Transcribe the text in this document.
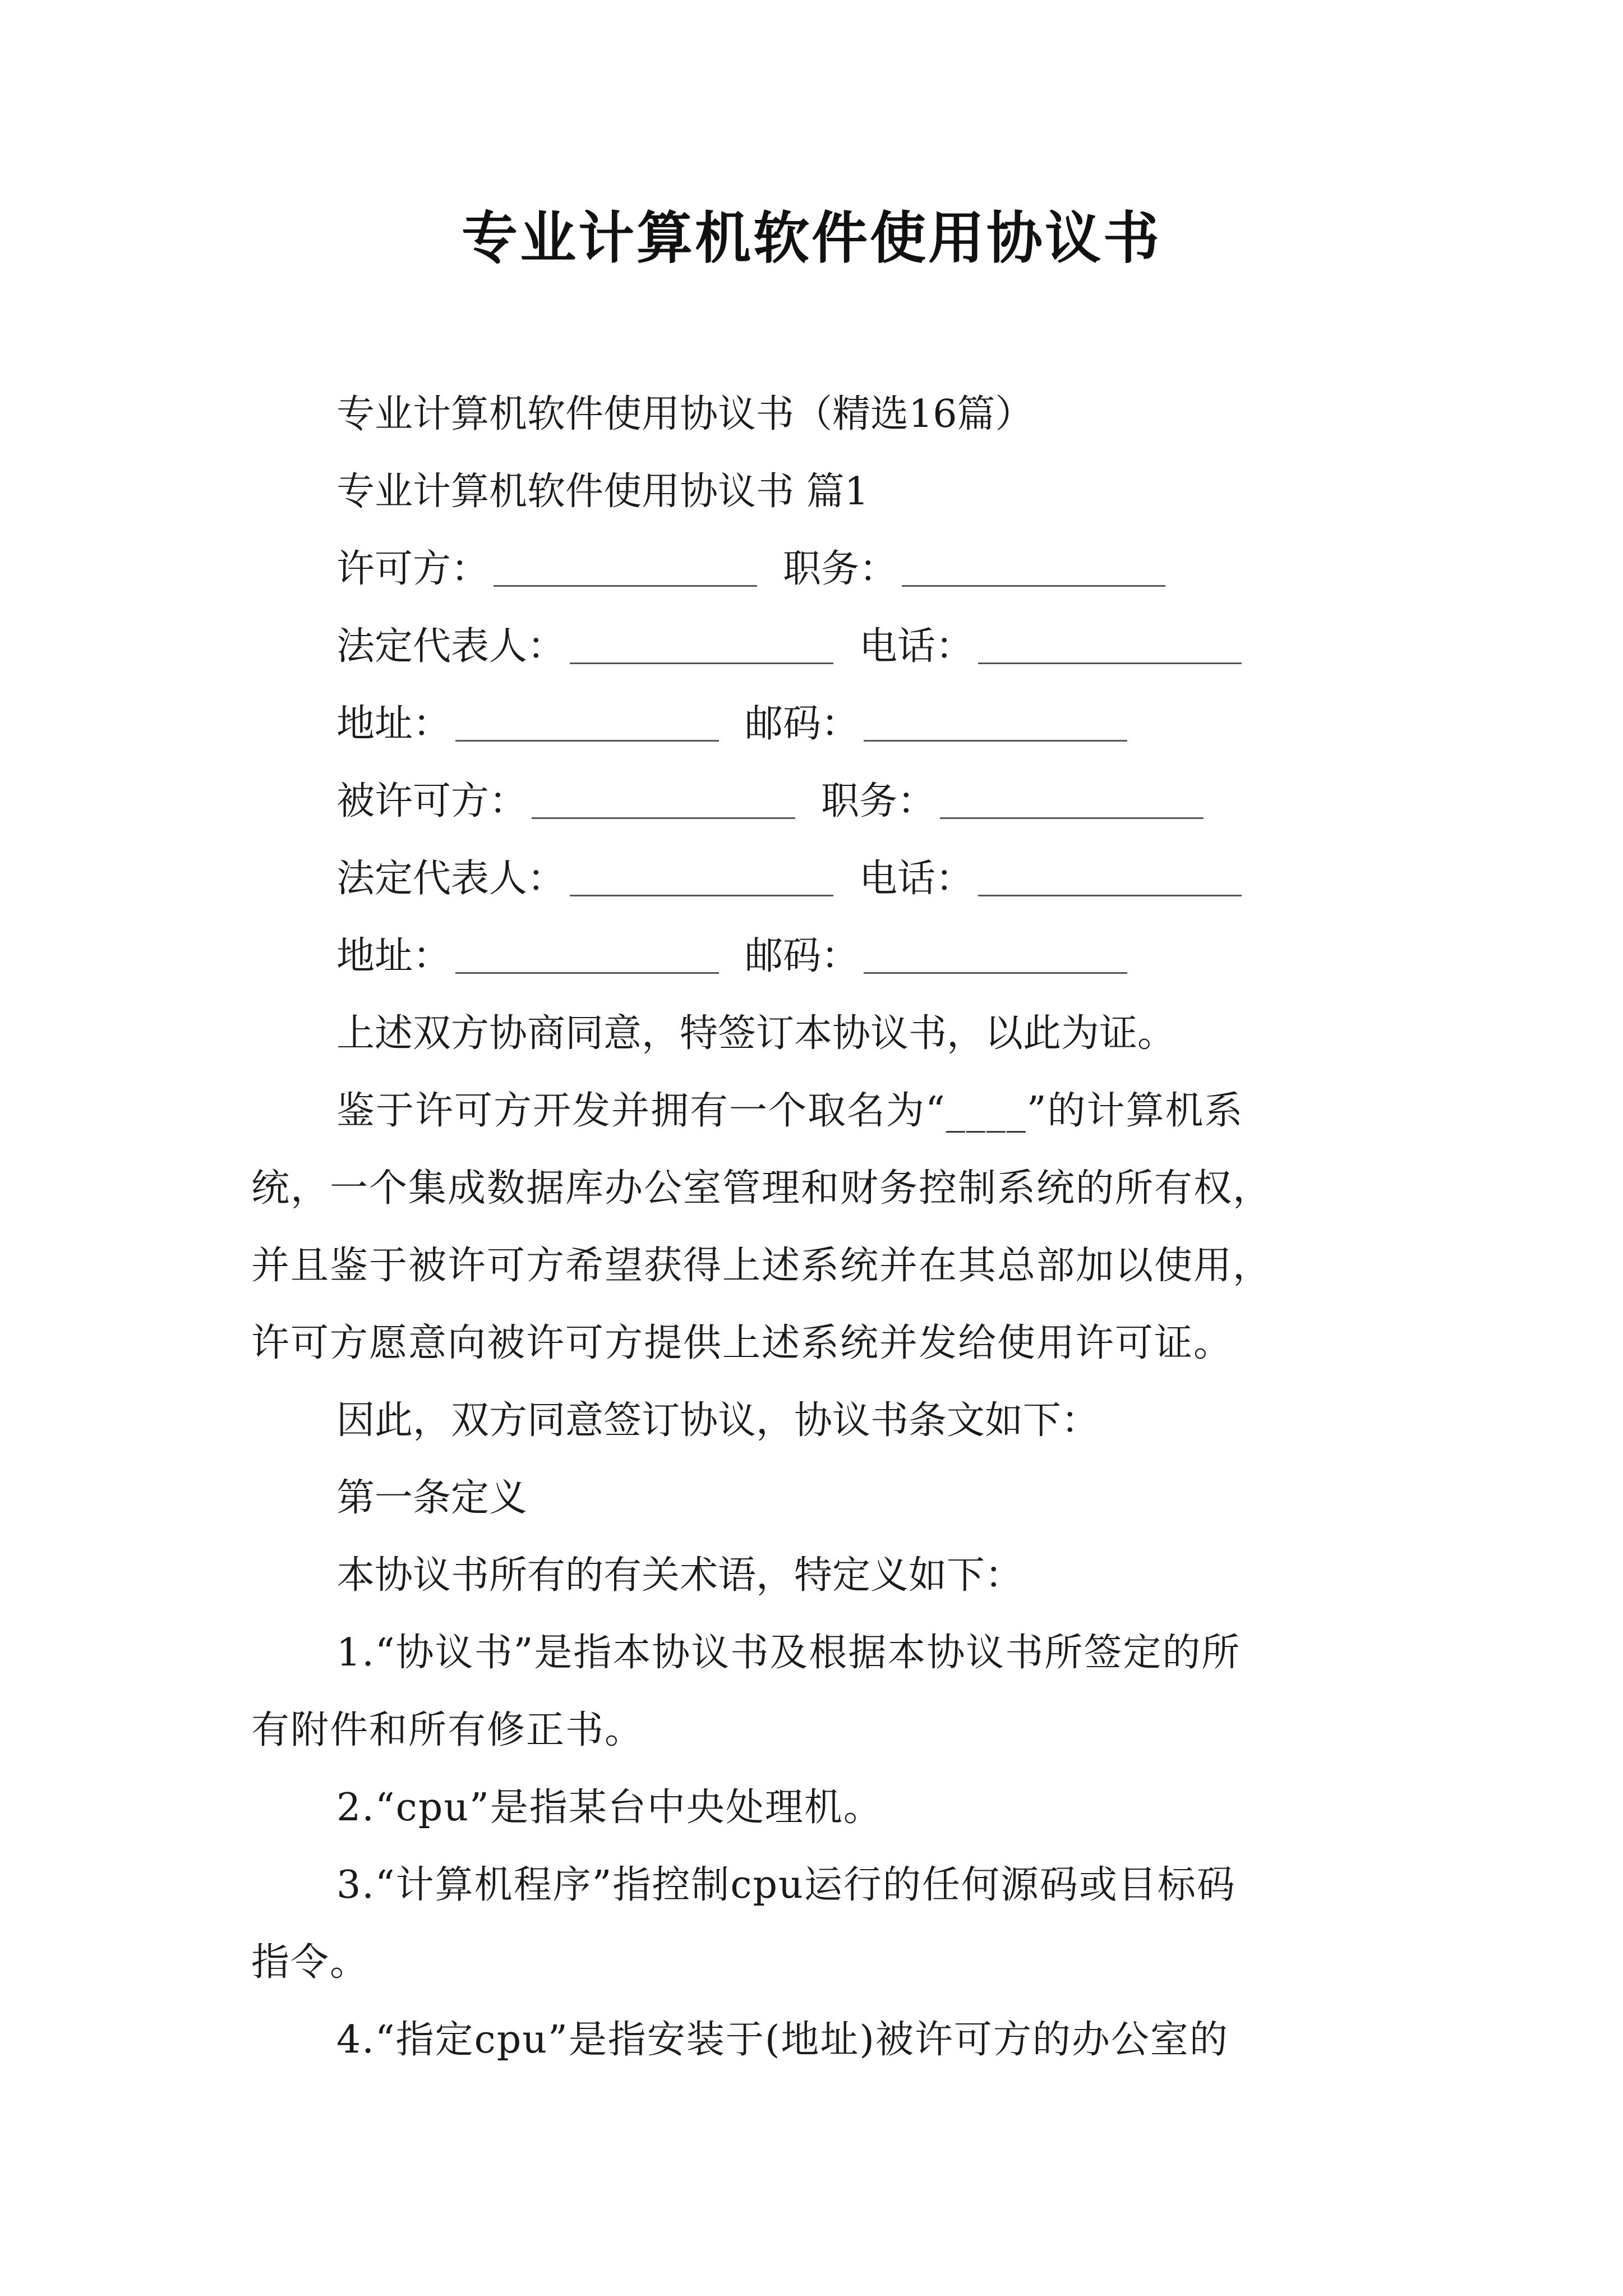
专业计算机软件使用协议书
专业计算机软件使用协议书（精选16篇）
专业计算机软件使用协议书 篇1
许可方：	职务：
法定代表人：	电话：
地址：	邮码：
被许可方：	职务：
法定代表人：	电话：
地址：	邮码：
上述双方协商同意，特签订本协议书，以此为证。
鉴于许可方开发并拥有一个取名为“____”的计算机系
统，一个集成数据库办公室管理和财务控制系统的所有权，
并且鉴于被许可方希望获得上述系统并在其总部加以使用，
许可方愿意向被许可方提供上述系统并发给使用许可证。
因此，双方同意签订协议，协议书条文如下：
第一条定义
本协议书所有的有关术语，特定义如下：
1.“协议书”是指本协议书及根据本协议书所签定的所
有附件和所有修正书。
2.“cpu”是指某台中央处理机。
3.“计算机程序”指控制cpu运行的任何源码或目标码
指令。
4.“指定cpu”是指安装于(地址)被许可方的办公室的
